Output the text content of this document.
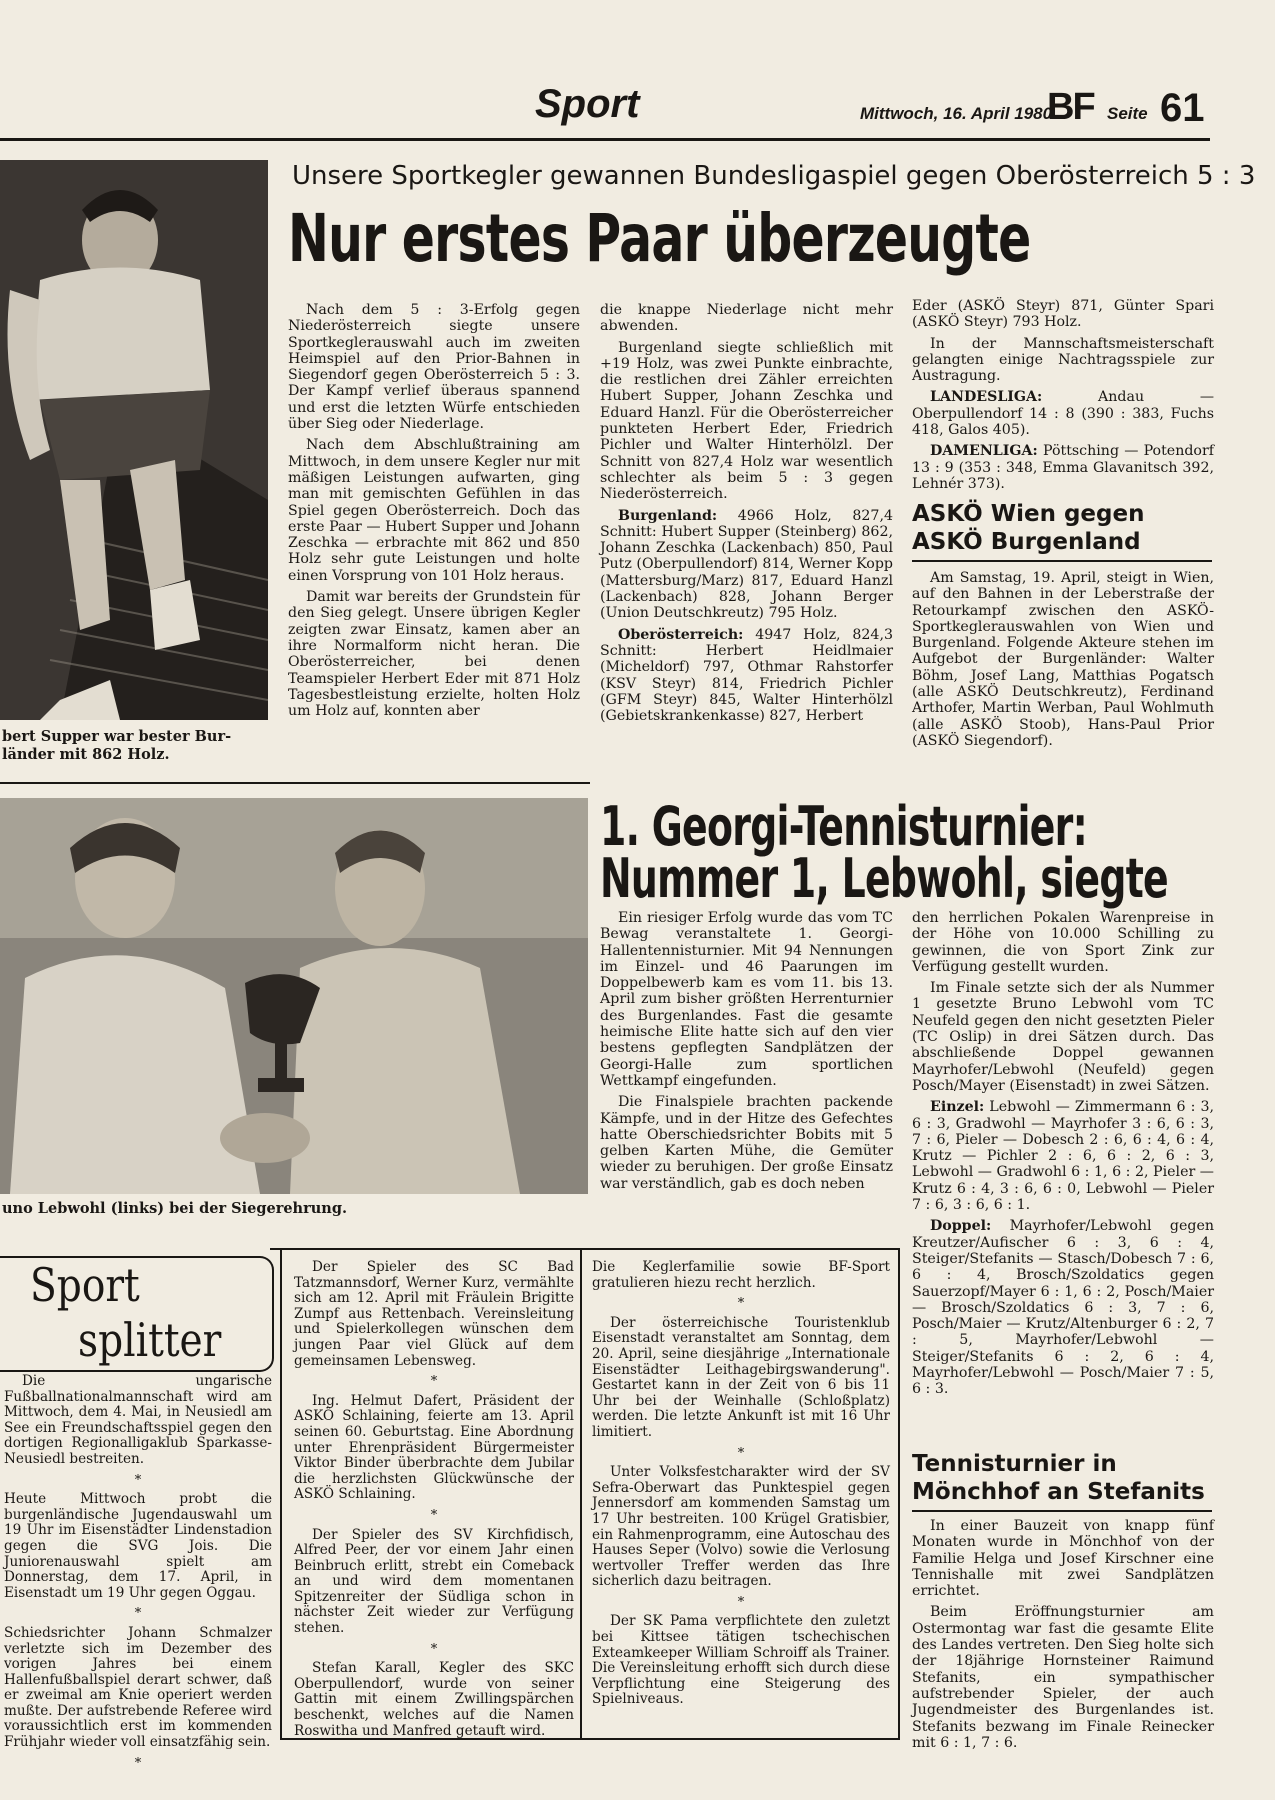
Sport	Mittwoch, 16. April 1980
BF Seite 61
bert Supper war bester Bur-
länder mit 862 Holz.
Unsere Sportkegler gewannen Bundesligaspiel gegen Oberösterreich 5 : 3
Nur erstes Paar überzeugte

Nach dem 5 : 3-Erfolg gegen Niederösterreich siegte unsere Sportkeglerauswahl auch im zweiten Heimspiel auf den Prior-Bahnen in Siegendorf gegen Oberösterreich 5 : 3. Der Kampf verlief überaus spannend und erst die letzten Würfe entschieden über Sieg oder Niederlage.

Nach dem Abschlußtraining am Mittwoch, in dem unsere Kegler nur mit mäßigen Leistungen aufwarten, ging man mit gemischten Gefühlen in das Spiel gegen Oberösterreich. Doch das erste Paar — Hubert Supper und Johann Zeschka — erbrachte mit 862 und 850 Holz sehr gute Leistungen und holte einen Vorsprung von 101 Holz heraus.

Damit war bereits der Grundstein für den Sieg gelegt. Unsere übrigen Kegler zeigten zwar Einsatz, kamen aber an ihre Normalform nicht heran. Die Oberösterreicher, bei denen Teamspieler Herbert Eder mit 871 Holz Tagesbestleistung erzielte, holten Holz um Holz auf, konnten aber

die knappe Niederlage nicht mehr abwenden.

Burgenland siegte schließlich mit +19 Holz, was zwei Punkte einbrachte, die restlichen drei Zähler erreichten Hubert Supper, Johann Zeschka und Eduard Hanzl. Für die Oberösterreicher punkteten Herbert Eder, Friedrich Pichler und Walter Hinterhölzl. Der Schnitt von 827,4 Holz war wesentlich schlechter als beim 5 : 3 gegen Niederösterreich.

Burgenland: 4966 Holz, 827,4 Schnitt: Hubert Supper (Steinberg) 862, Johann Zeschka (Lackenbach) 850, Paul Putz (Oberpullendorf) 814, Werner Kopp (Mattersburg/Marz) 817, Eduard Hanzl (Lackenbach) 828, Johann Berger (Union Deutschkreutz) 795 Holz.

Oberösterreich: 4947 Holz, 824,3 Schnitt: Herbert Heidlmaier (Micheldorf) 797, Othmar Rahstorfer (KSV Steyr) 814, Friedrich Pichler (GFM Steyr) 845, Walter Hinterhölzl (Gebietskrankenkasse) 827, Herbert

Eder (ASKÖ Steyr) 871, Günter Spari (ASKÖ Steyr) 793 Holz.

In der Mannschaftsmeisterschaft gelangten einige Nachtragsspiele zur Austragung.

LANDESLIGA:	Andau — Oberpullendorf 14 : 8 (390 : 383, Fuchs 418, Galos 405).

DAMENLIGA: Pöttsching — Potendorf 13 : 9 (353 : 348, Emma Glavanitsch 392, Lehnér 373).

ASKÖ Wien gegen
ASKÖ Burgenland

Am Samstag, 19. April, steigt in Wien, auf den Bahnen in der Leberstraße der Retourkampf zwischen den ASKÖ-Sportkeglerauswahlen von Wien und Burgenland. Folgende Akteure stehen im Aufgebot der Burgenländer: Walter Böhm, Josef Lang, Matthias Pogatsch (alle ASKÖ Deutschkreutz), Ferdinand Arthofer, Martin Werban, Paul Wohlmuth (alle ASKÖ Stoob), Hans-Paul Prior (ASKÖ Siegendorf).

uno Lebwohl (links) bei der Siegerehrung.
1. Georgi-Tennisturnier:
Nummer 1, Lebwohl, siegte

Ein riesiger Erfolg wurde das vom TC Bewag veranstaltete 1. Georgi-Hallentennisturnier. Mit 94 Nennungen im Einzel- und 46 Paarungen im Doppelbewerb kam es vom 11. bis 13. April zum bisher größten Herrenturnier des Burgenlandes. Fast die gesamte heimische Elite hatte sich auf den vier bestens gepflegten Sandplätzen der Georgi-Halle zum sportlichen Wettkampf eingefunden.

Die Finalspiele brachten packende Kämpfe, und in der Hitze des Gefechtes hatte Oberschiedsrichter Bobits mit 5 gelben Karten Mühe, die Gemüter wieder zu beruhigen. Der große Einsatz war verständlich, gab es doch neben

den herrlichen Pokalen Warenpreise in der Höhe von 10.000 Schilling zu gewinnen, die von Sport Zink zur Verfügung gestellt wurden.

Im Finale setzte sich der als Nummer 1 gesetzte Bruno Lebwohl vom TC Neufeld gegen den nicht gesetzten Pieler (TC Oslip) in drei Sätzen durch. Das abschließende Doppel gewannen Mayrhofer/Lebwohl (Neufeld) gegen Posch/Mayer (Eisenstadt) in zwei Sätzen.

Einzel: Lebwohl — Zimmermann 6 : 3, 6 : 3, Gradwohl — Mayrhofer 3 : 6, 6 : 3, 7 : 6, Pieler — Dobesch 2 : 6, 6 : 4, 6 : 4, Krutz — Pichler 2 : 6, 6 : 2, 6 : 3, Lebwohl — Gradwohl 6 : 1, 6 : 2, Pieler — Krutz 6 : 4, 3 : 6, 6 : 0, Lebwohl — Pieler 7 : 6, 3 : 6, 6 : 1.

Doppel: Mayrhofer/Lebwohl gegen Kreutzer/Aufischer 6 : 3, 6 : 4, Steiger/Stefanits — Stasch/Dobesch 7 : 6, 6 : 4, Brosch/Szoldatics gegen Sauerzopf/Mayer 6 : 1, 6 : 2, Posch/Maier — Brosch/Szoldatics 6 : 3, 7 : 6, Posch/Maier — Krutz/Altenburger 6 : 2, 7 : 5, Mayrhofer/Lebwohl — Steiger/Stefanits 6 : 2, 6 : 4, Mayrhofer/Lebwohl — Posch/Maier 7 : 5, 6 : 3.

Tennisturnier in
Mönchhof an Stefanits

In einer Bauzeit von knapp fünf Monaten wurde in Mönchhof von der Familie Helga und Josef Kirschner eine Tennishalle mit zwei Sandplätzen errichtet.

Beim Eröffnungsturnier am Ostermontag war fast die gesamte Elite des Landes vertreten. Den Sieg holte sich der 18jährige Hornsteiner Raimund Stefanits, ein sympathischer aufstrebender Spieler, der auch Jugendmeister des Burgenlandes ist. Stefanits bezwang im Finale Reinecker mit 6 : 1, 7 : 6.

Sport
splitter

Die ungarische Fußballnationalmannschaft wird am Mittwoch, dem 4. Mai, in Neusiedl am See ein Freundschaftsspiel gegen den dortigen Regionalligaklub Sparkasse-Neusiedl bestreiten.

*

Heute Mittwoch probt die burgenländische Jugendauswahl um 19 Uhr im Eisenstädter Lindenstadion gegen die SVG Jois. Die Juniorenauswahl spielt am Donnerstag, dem 17. April, in Eisenstadt um 19 Uhr gegen Oggau.

*

Schiedsrichter Johann Schmalzer verletzte sich im Dezember des vorigen Jahres bei einem Hallenfußballspiel derart schwer, daß er zweimal am Knie operiert werden mußte. Der aufstrebende Referee wird voraussichtlich erst im kommenden Frühjahr wieder voll einsatzfähig sein.

*

Der Spieler des SC Bad Tatzmannsdorf, Werner Kurz, vermählte sich am 12. April mit Fräulein Brigitte Zumpf aus Rettenbach. Vereinsleitung und Spielerkollegen wünschen dem jungen Paar viel Glück auf dem gemeinsamen Lebensweg.

*

Ing. Helmut Dafert, Präsident der ASKÖ Schlaining, feierte am 13. April seinen 60. Geburtstag. Eine Abordnung unter Ehrenpräsident Bürgermeister Viktor Binder überbrachte dem Jubilar die herzlichsten Glückwünsche der ASKÖ Schlaining.

*

Der Spieler des SV Kirchfidisch, Alfred Peer, der vor einem Jahr einen Beinbruch erlitt, strebt ein Comeback an und wird dem momentanen Spitzenreiter der Südliga schon in nächster Zeit wieder zur Verfügung stehen.

*

Stefan Karall, Kegler des SKC Oberpullendorf, wurde von seiner Gattin mit einem Zwillingspärchen beschenkt, welches auf die Namen Roswitha und Manfred getauft wird.

Die Keglerfamilie sowie BF-Sport gratulieren hiezu recht herzlich.

*

Der österreichische Touristenklub Eisenstadt veranstaltet am Sonntag, dem 20. April, seine diesjährige „Internationale Eisenstädter Leithagebirgswanderung". Gestartet kann in der Zeit von 6 bis 11 Uhr bei der Weinhalle (Schloßplatz) werden. Die letzte Ankunft ist mit 16 Uhr limitiert.

*

Unter Volksfestcharakter wird der SV Sefra-Oberwart das Punktespiel gegen Jennersdorf am kommenden Samstag um 17 Uhr bestreiten. 100 Krügel Gratisbier, ein Rahmenprogramm, eine Autoschau des Hauses Seper (Volvo) sowie die Verlosung wertvoller Treffer werden das Ihre sicherlich dazu beitragen.

*

Der SK Pama verpflichtete den zuletzt bei Kittsee tätigen tschechischen Exteamkeeper William Schroiff als Trainer. Die Vereinsleitung erhofft sich durch diese Verpflichtung eine Steigerung des Spielniveaus.
